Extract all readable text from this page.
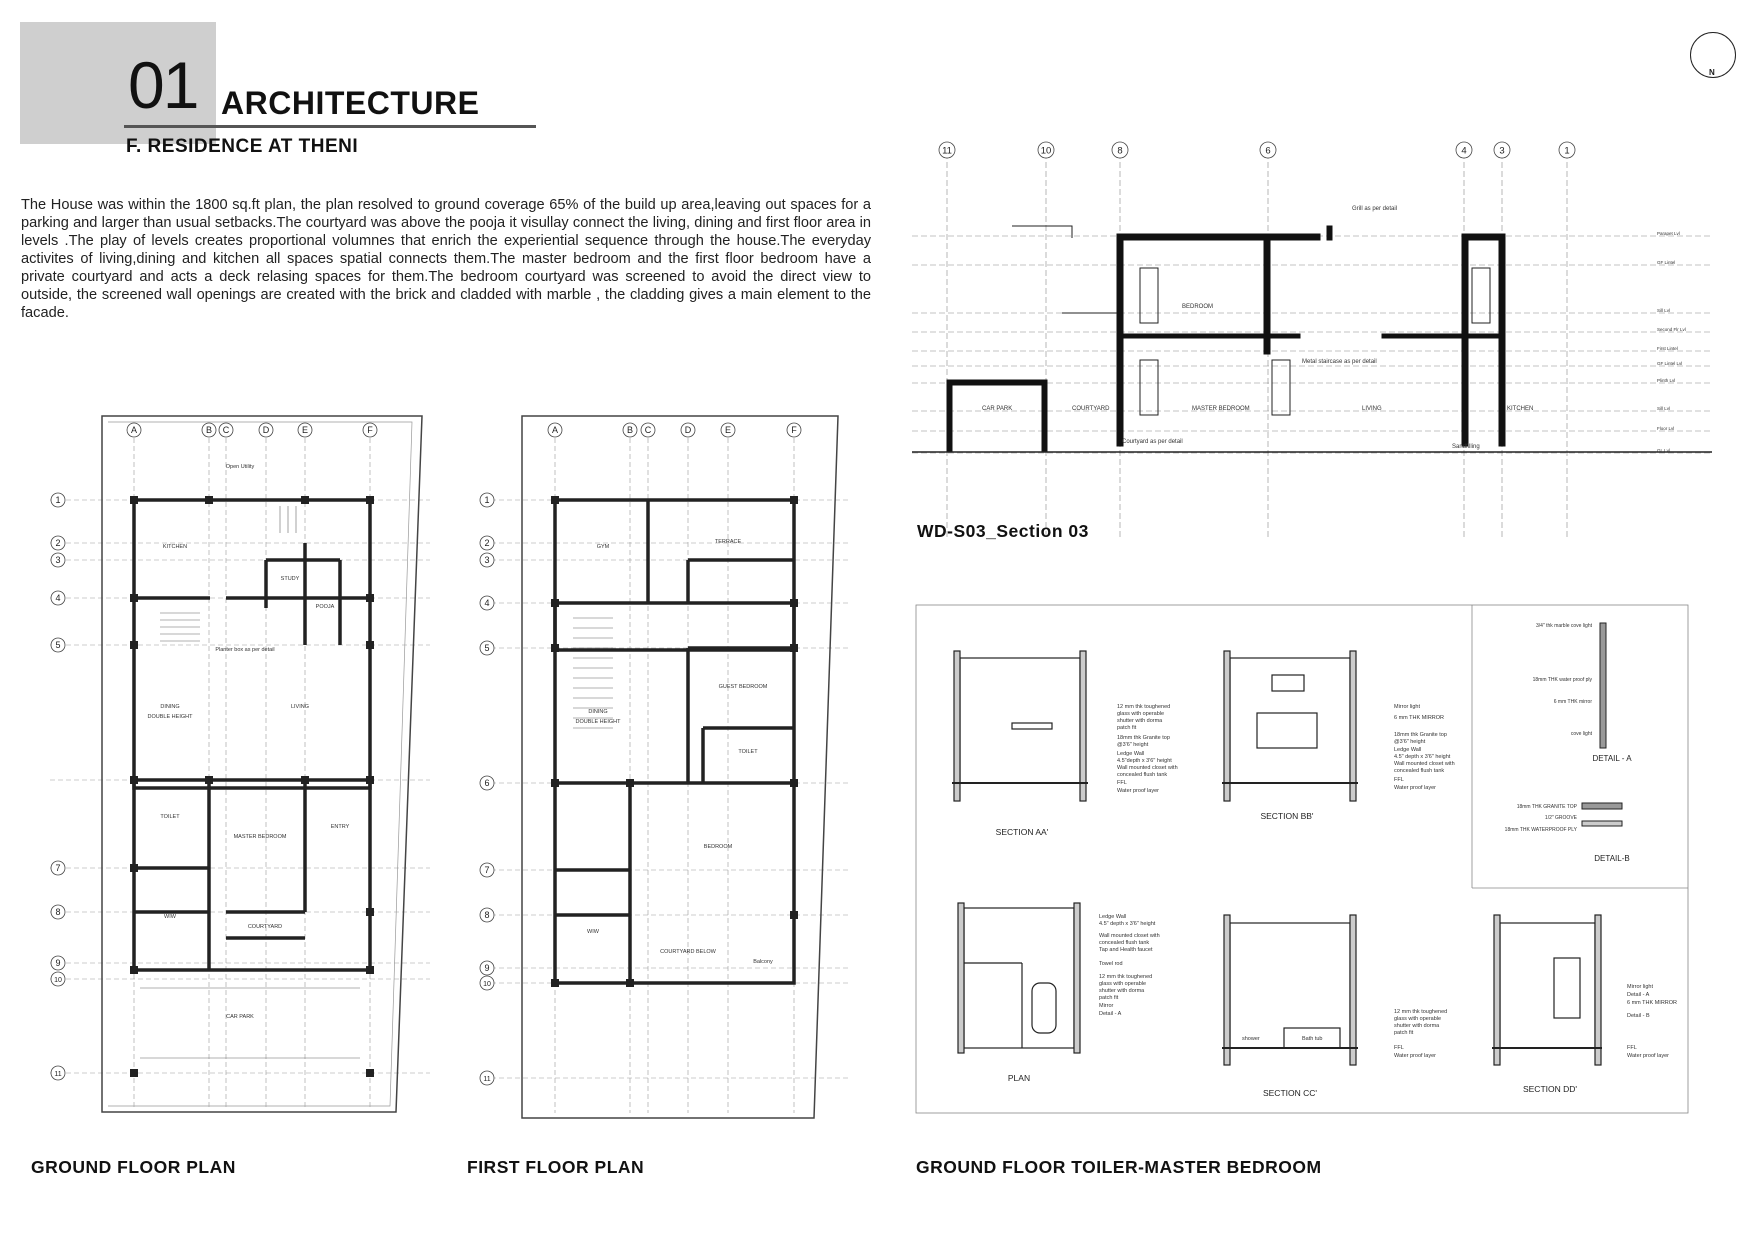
01 ARCHITECTURE
F. RESIDENCE AT THENI
The House was within the 1800 sq.ft plan, the plan resolved to ground coverage 65% of the build up area,leaving out spaces for a parking and larger than usual setbacks.The courtyard was above the pooja it visullay connect the living, dining and first floor area in levels .The play of levels creates proportional volumnes that enrich the experiential sequence through the house.The everyday activites of living,dining and kitchen all spaces spatial connects them.The master bedroom and the first floor bedroom have a private courtyard and acts a deck relasing spaces for them.The bedroom courtyard was screened to avoid the direct view to outside, the screened wall openings are created with the brick and cladded with marble , the cladding gives a main element to the facade.
N
Open Utility
KITCHEN
STUDY
POOJA
DINING	LIVING
TOILET
MASTER BEDROOM
COURTYARD
WIW
ENTRY
CAR PARK
Planter box as per detail
DOUBLE HEIGHT
A	B C	D	E	F
1
2
3
4
5
7
8
9
10
11
GYM
TERRACE
DINING
GUEST BEDROOM
TOILET
BEDROOM
WIW
Balcony
COURTYARD BELOW
DOUBLE HEIGHT
A	B C	D	E	F
1
2
3
4
5
6
7
8
9
10
11
Grill as per detail
BEDROOM
CAR PARK	COURTYARD	MASTER BEDROOM	LIVING	KITCHEN
Courtyard as per detail
Metal staircase as per detail
Sandfilling
Parapet Lvl
GF Lintel
Sill Lvl
Second Flr Lvl
First Lintel
GF Lintel Lvl
Plinth Lvl
Sill Lvl
Floor Lvl
GL Lvl
11	10	8	6	4	3	1
12 mm thk toughened
glass with operable
shutter with dorma
patch fit
18mm thk Granite top
@3'6" height
Ledge Wall
4.5"depth x 3'6" height
Wall mounted closet with
concealed flush tank
FFL
Water proof layer
SECTION AA'
Mirror light
6 mm THK MIRROR
18mm thk Granite top
@3'6" height
Ledge Wall
4.5" depth x 3'6" height
Wall mounted closet with
concealed flush tank
FFL
Water proof layer
SECTION BB'
3/4" thk marble cove light
18mm THK water proof ply
6 mm THK mirror
cove light
18mm THK GRANITE TOP
1/2" GROOVE
18mm THK WATERPROOF PLY
DETAIL - A
DETAIL-B
Ledge Wall
4.5" depth x 3'6" height
Wall mounted closet with
concealed flush tank
Tap and Health faucet
Towel rod
12 mm thk toughened
glass with operable
shutter with dorma
patch fit
Mirror
Detail - A
PLAN
12 mm thk toughened
glass with operable
shutter with dorma
patch fit
FFL
Water proof layer
shower	Bath tub
SECTION CC'
Mirror light
Detail - A
6 mm THK MIRROR
Detail - B
FFL
Water proof layer
SECTION DD'
GROUND FLOOR PLAN	FIRST FLOOR PLAN
WD-S03_Section 03
GROUND FLOOR TOILER-MASTER BEDROOM
